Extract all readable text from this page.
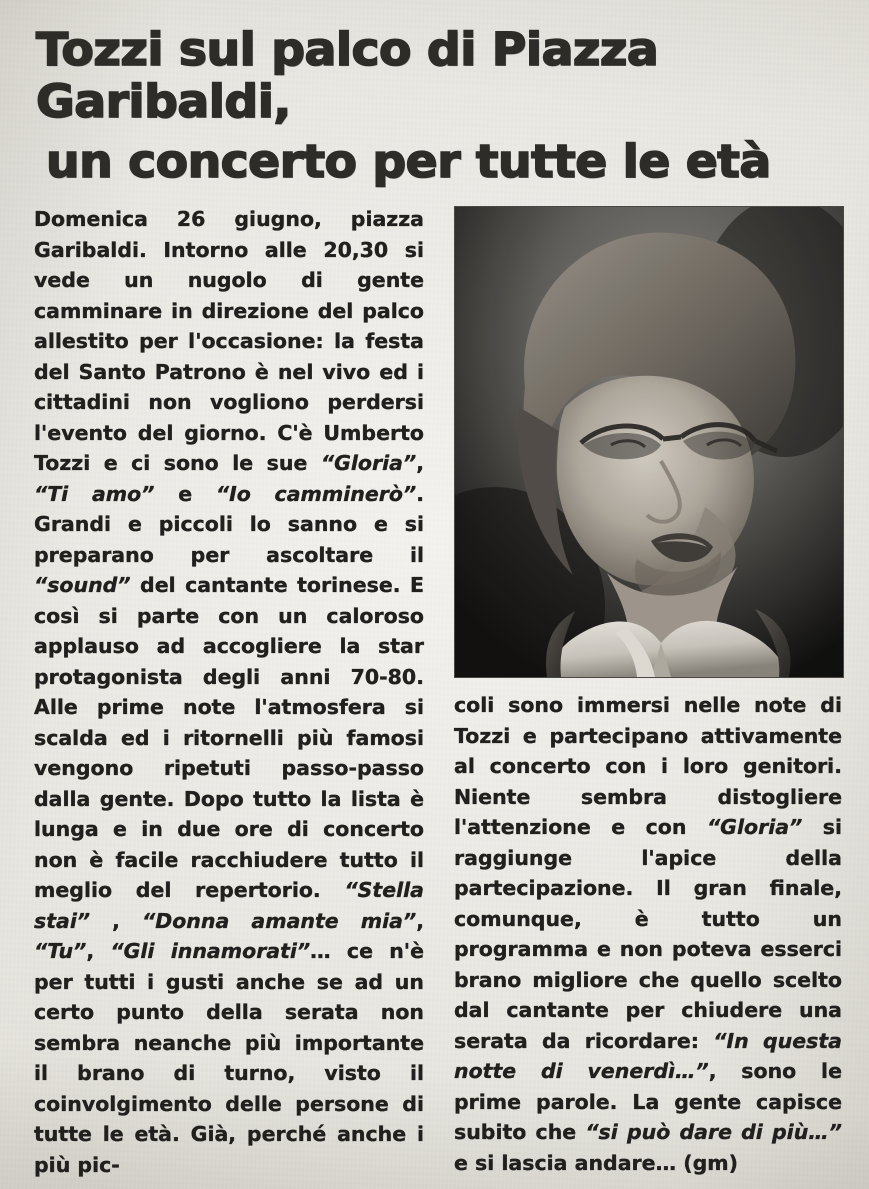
Tozzi sul palco di Piazza Garibaldi,
un concerto per tutte le età

Domenica 26 giugno, piazza Garibaldi. Intorno alle 20,30 si vede un nugolo di gente camminare in direzione del palco allestito per l'occasione: la festa del Santo Patrono è nel vivo ed i cittadini non vogliono perdersi l'evento del giorno. C'è Umberto Tozzi e ci sono le sue “Gloria”, “Ti amo” e “Io camminerò”. Grandi e piccoli lo sanno e si preparano per ascoltare il “sound” del cantante torinese. E così si parte con un caloroso applauso ad accogliere la star protagonista degli anni 70-80. Alle prime note l'atmosfera si scalda ed i ritornelli più famosi vengono ripetuti passo-passo dalla gente. Dopo tutto la lista è lunga e in due ore di concerto non è facile racchiudere tutto il meglio del repertorio. “Stella stai” , “Donna amante mia”, “Tu”, “Gli innamorati”… ce n'è per tutti i gusti anche se ad un certo punto della serata non sembra neanche più importante il brano di turno, visto il coinvolgimento delle persone di tutte le età. Già, perché anche i più pic-

coli sono immersi nelle note di Tozzi e partecipano attivamente al concerto con i loro genitori. Niente sembra distogliere l'attenzione e con “Gloria” si raggiunge l'apice della partecipazione. Il gran finale, comunque, è tutto un programma e non poteva esserci brano migliore che quello scelto dal cantante per chiudere una serata da ricordare: “In questa notte di venerdì…”, sono le prime parole. La gente capisce subito che “si può dare di più…” e si lascia andare… (gm)
